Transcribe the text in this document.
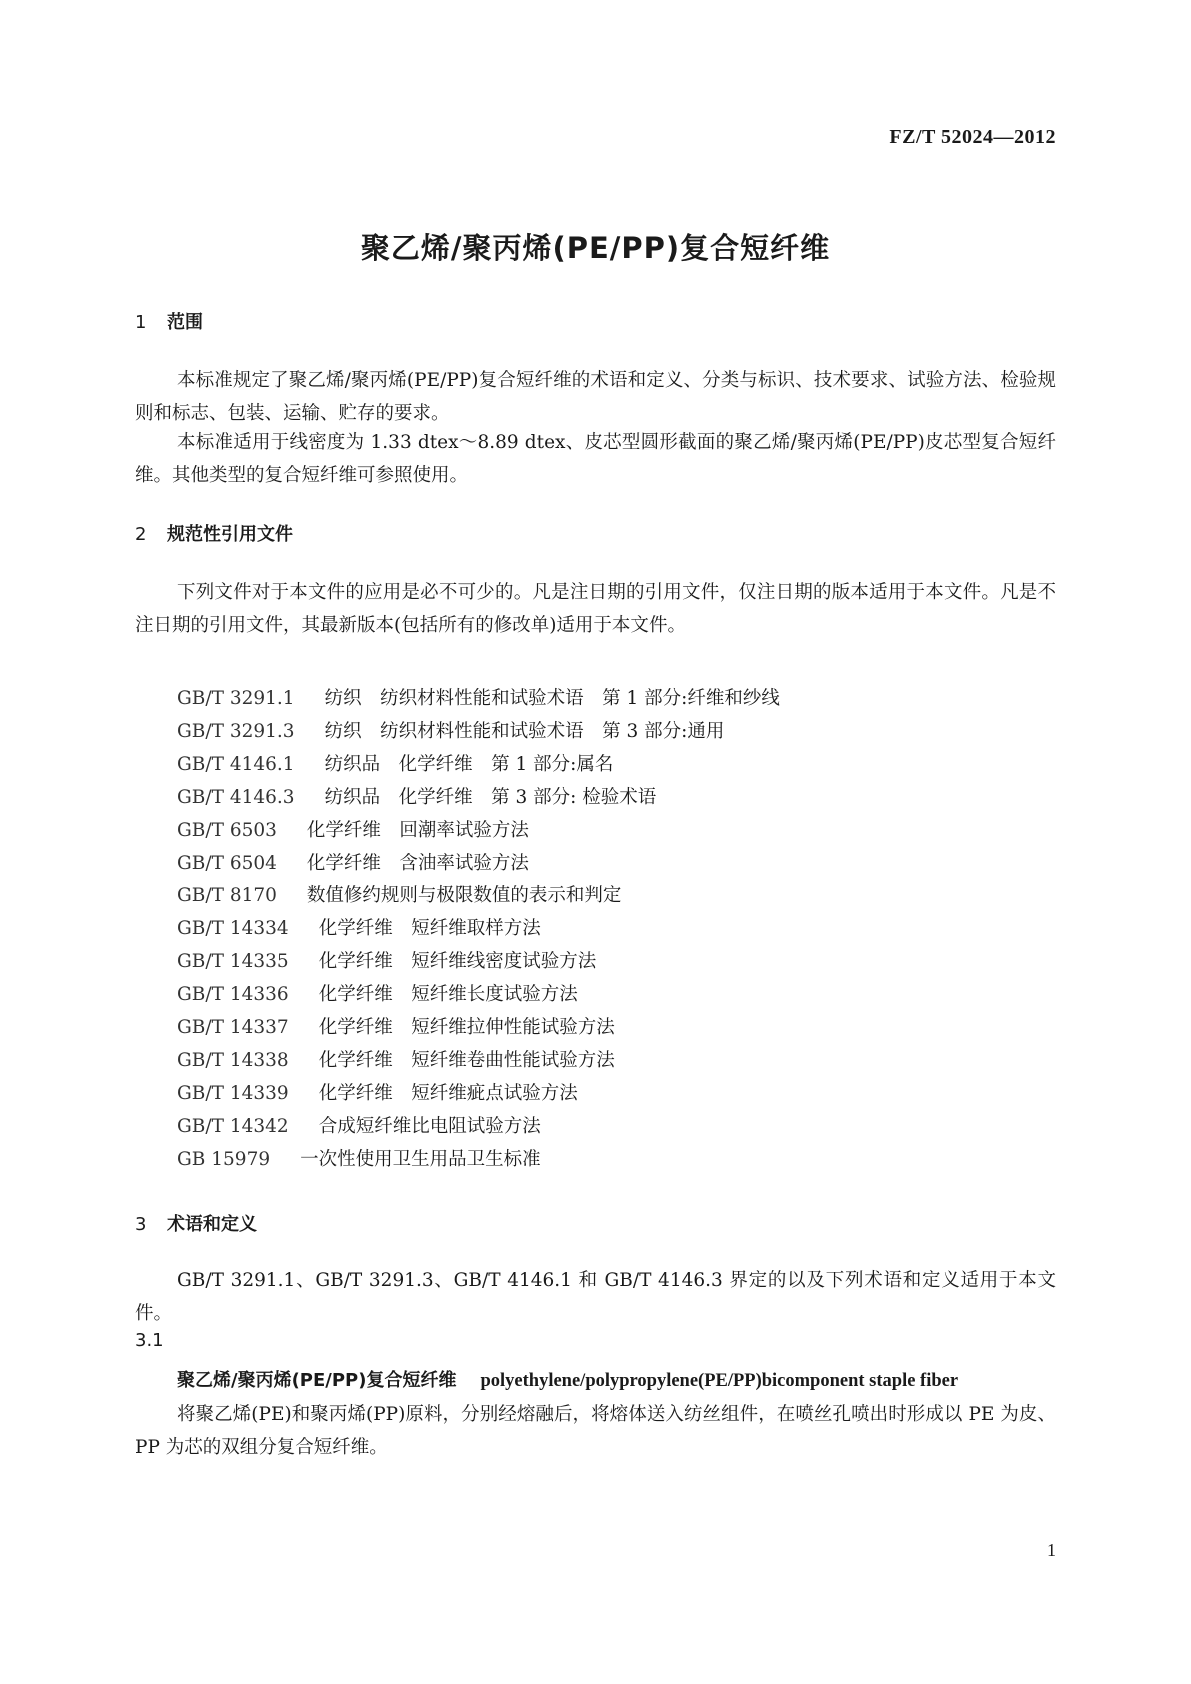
FZ/T 52024—2012
聚乙烯/聚丙烯(PE/PP)复合短纤维
1 范围

本标准规定了聚乙烯/聚丙烯(PE/PP)复合短纤维的术语和定义、分类与标识、技术要求、试验方法、检验规则和标志、包装、运输、贮存的要求。

本标准适用于线密度为 1.33 dtex～8.89 dtex、皮芯型圆形截面的聚乙烯/聚丙烯(PE/PP)皮芯型复合短纤维。其他类型的复合短纤维可参照使用。

2 规范性引用文件

下列文件对于本文件的应用是必不可少的。凡是注日期的引用文件，仅注日期的版本适用于本文件。凡是不注日期的引用文件，其最新版本(包括所有的修改单)适用于本文件。

GB/T 3291.1 纺织　纺织材料性能和试验术语　第 1 部分:纤维和纱线
GB/T 3291.3 纺织　纺织材料性能和试验术语　第 3 部分:通用
GB/T 4146.1 纺织品　化学纤维　第 1 部分:属名
GB/T 4146.3 纺织品　化学纤维　第 3 部分: 检验术语
GB/T 6503 化学纤维　回潮率试验方法
GB/T 6504 化学纤维　含油率试验方法
GB/T 8170 数值修约规则与极限数值的表示和判定
GB/T 14334 化学纤维　短纤维取样方法
GB/T 14335 化学纤维　短纤维线密度试验方法
GB/T 14336 化学纤维　短纤维长度试验方法
GB/T 14337 化学纤维　短纤维拉伸性能试验方法
GB/T 14338 化学纤维　短纤维卷曲性能试验方法
GB/T 14339 化学纤维　短纤维疵点试验方法
GB/T 14342 合成短纤维比电阻试验方法
GB 15979 一次性使用卫生用品卫生标准
3 术语和定义

GB/T 3291.1、GB/T 3291.3、GB/T 4146.1 和 GB/T 4146.3 界定的以及下列术语和定义适用于本文件。

3.1
聚乙烯/聚丙烯(PE/PP)复合短纤维 polyethylene/polypropylene(PE/PP)bicomponent staple fiber

将聚乙烯(PE)和聚丙烯(PP)原料，分别经熔融后，将熔体送入纺丝组件，在喷丝孔喷出时形成以 PE 为皮、PP 为芯的双组分复合短纤维。

1
